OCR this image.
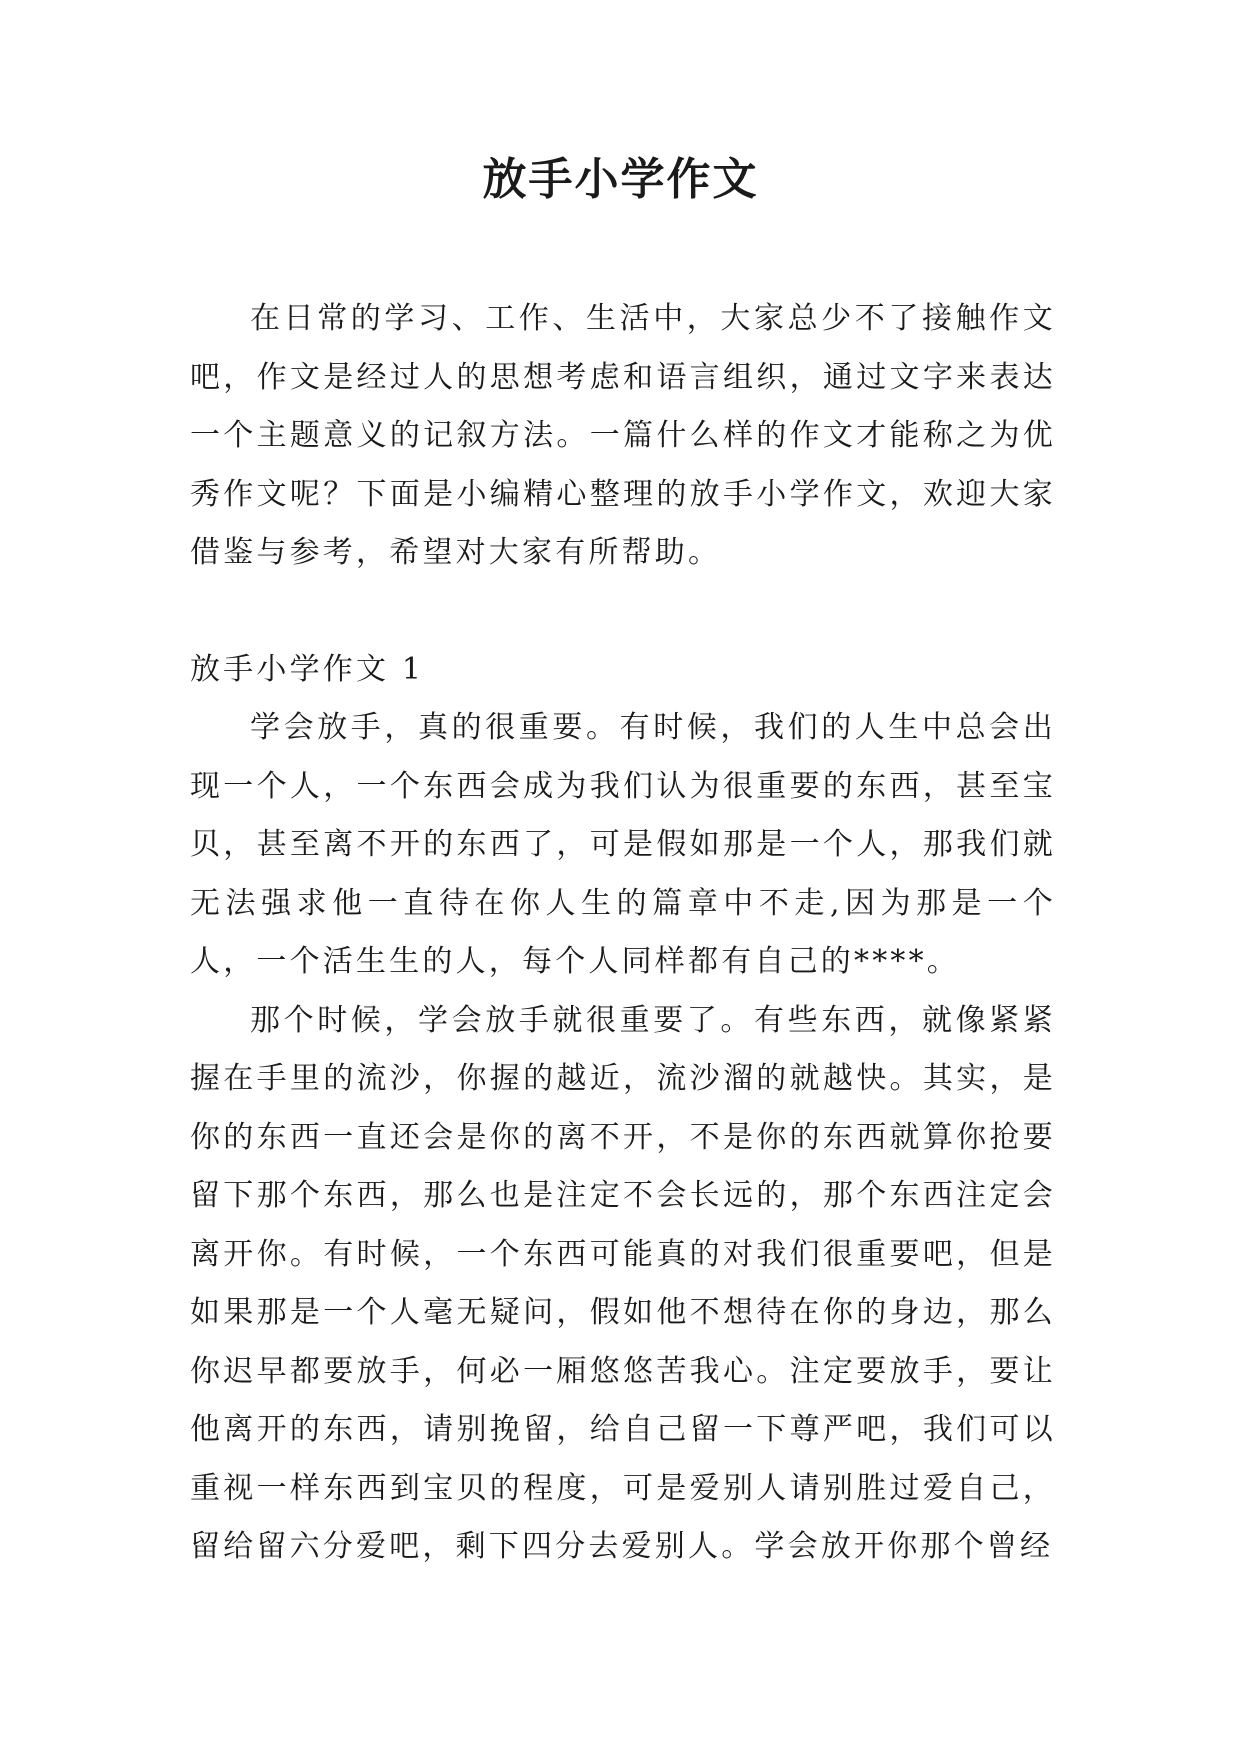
放手小学作文

在日常的学习、工作、生活中，大家总少不了接触作文吧，作文是经过人的思想考虑和语言组织，通过文字来表达一个主题意义的记叙方法。一篇什么样的作文才能称之为优秀作文呢？下面是小编精心整理的放手小学作文，欢迎大家借鉴与参考，希望对大家有所帮助。

放手小学作文 1

学会放手，真的很重要。有时候，我们的人生中总会出现一个人，一个东西会成为我们认为很重要的东西，甚至宝贝，甚至离不开的东西了，可是假如那是一个人，那我们就无法强求他一直待在你人生的篇章中不走,因为那是一个人，一个活生生的人，每个人同样都有自己的****。

那个时候，学会放手就很重要了。有些东西，就像紧紧握在手里的流沙，你握的越近，流沙溜的就越快。其实，是你的东西一直还会是你的离不开，不是你的东西就算你抢要留下那个东西，那么也是注定不会长远的，那个东西注定会离开你。有时候，一个东西可能真的对我们很重要吧，但是如果那是一个人毫无疑问，假如他不想待在你的身边，那么你迟早都要放手，何必一厢悠悠苦我心。注定要放手，要让他离开的东西，请别挽留，给自己留一下尊严吧，我们可以重视一样东西到宝贝的程度，可是爱别人请别胜过爱自己，留给留六分爱吧，剩下四分去爱别人。学会放开你那个曾经
